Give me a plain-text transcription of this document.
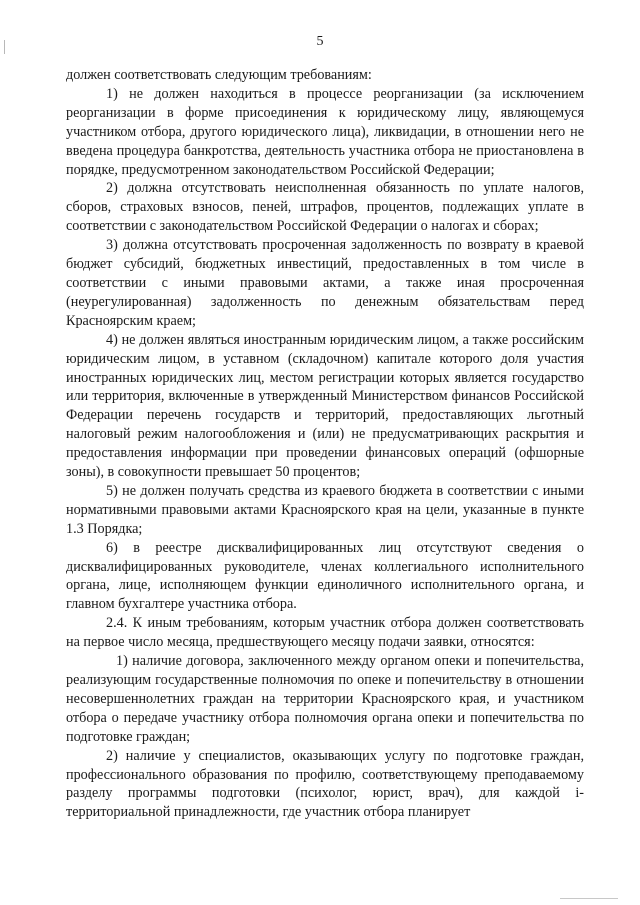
5

должен соответствовать следующим требованиям:

1) не должен находиться в процессе реорганизации (за исключением реорганизации в форме присоединения к юридическому лицу, являющемуся участником отбора, другого юридического лица), ликвидации, в отношении него не введена процедура банкротства, деятельность участника отбора не приостановлена в порядке, предусмотренном законодательством Российской Федерации;

2) должна отсутствовать неисполненная обязанность по уплате налогов, сборов, страховых взносов, пеней, штрафов, процентов, подлежащих уплате в соответствии с законодательством Российской Федерации о налогах и сборах;

3) должна отсутствовать просроченная задолженность по возврату в краевой бюджет субсидий, бюджетных инвестиций, предоставленных в том числе в соответствии с иными правовыми актами, а также иная просроченная (неурегулированная) задолженность по денежным обязательствам перед Красноярским краем;

4) не должен являться иностранным юридическим лицом, а также российским юридическим лицом, в уставном (складочном) капитале которого доля участия иностранных юридических лиц, местом регистрации которых является государство или территория, включенные в утвержденный Министерством финансов Российской Федерации перечень государств и территорий, предоставляющих льготный налоговый режим налогообложения и (или) не предусматривающих раскрытия и предоставления информации при проведении финансовых операций (офшорные зоны), в совокупности превышает 50 процентов;

5) не должен получать средства из краевого бюджета в соответствии с иными нормативными правовыми актами Красноярского края на цели, указанные в пункте 1.3 Порядка;

6) в реестре дисквалифицированных лиц отсутствуют сведения о дисквалифицированных руководителе, членах коллегиального исполнительного органа, лице, исполняющем функции единоличного исполнительного органа, и главном бухгалтере участника отбора.

2.4. К иным требованиям, которым участник отбора должен соответствовать на первое число месяца, предшествующего месяцу подачи заявки, относятся:

1) наличие договора, заключенного между органом опеки и попечительства, реализующим государственные полномочия по опеке и попечительству в отношении несовершеннолетних граждан на территории Красноярского края, и участником отбора о передаче участнику отбора полномочия органа опеки и попечительства по подготовке граждан;

2) наличие у специалистов, оказывающих услугу по подготовке граждан, профессионального образования по профилю, соответствующему преподаваемому разделу программы подготовки (психолог, юрист, врач), для каждой i-территориальной принадлежности, где участник отбора планирует
